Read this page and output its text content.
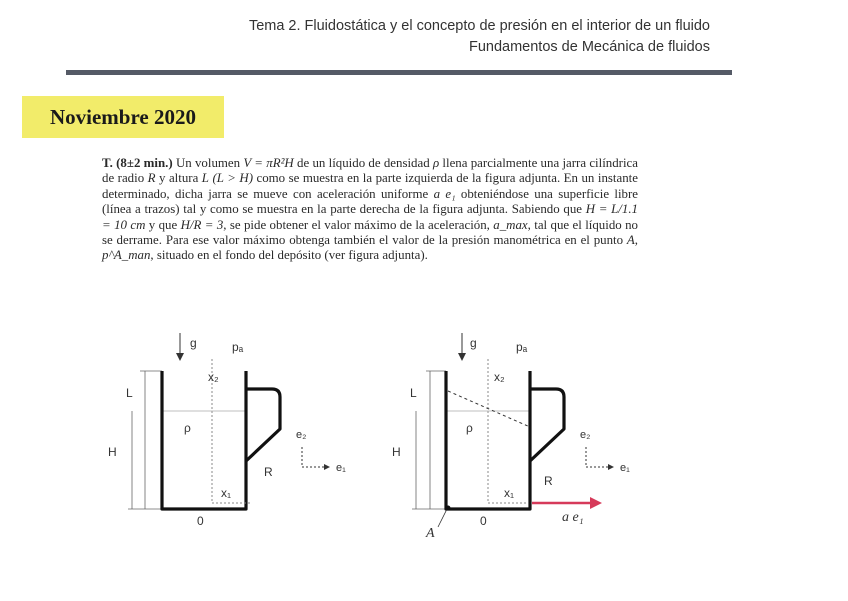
Tema 2. Fluidostática y el concepto de presión en el interior de un fluido
Fundamentos de Mecánica de fluidos
Noviembre 2020
T. (8±2 min.) Un volumen V = πR²H de un líquido de densidad ρ llena parcialmente una jarra cilíndrica de radio R y altura L (L > H) como se muestra en la parte izquierda de la figura adjunta. En un instante determinado, dicha jarra se mueve con aceleración uniforme a e₁ obteniéndose una superficie libre (línea a trazos) tal y como se muestra en la parte derecha de la figura adjunta. Sabiendo que H = L/1.1 = 10 cm y que H/R = 3, se pide obtener el valor máximo de la aceleración, a_max, tal que el líquido no se derrame. Para ese valor máximo obtenga también el valor de la presión manométrica en el punto A, p^A_man, situado en el fondo del depósito (ver figura adjunta).
g	pₐ
x₂
L
H
ρ
x₁
0
R
e₂
e₁
g	pₐ
x₂
L
H
ρ
x₁
0
R
A
e₂
e₁
a e₁
